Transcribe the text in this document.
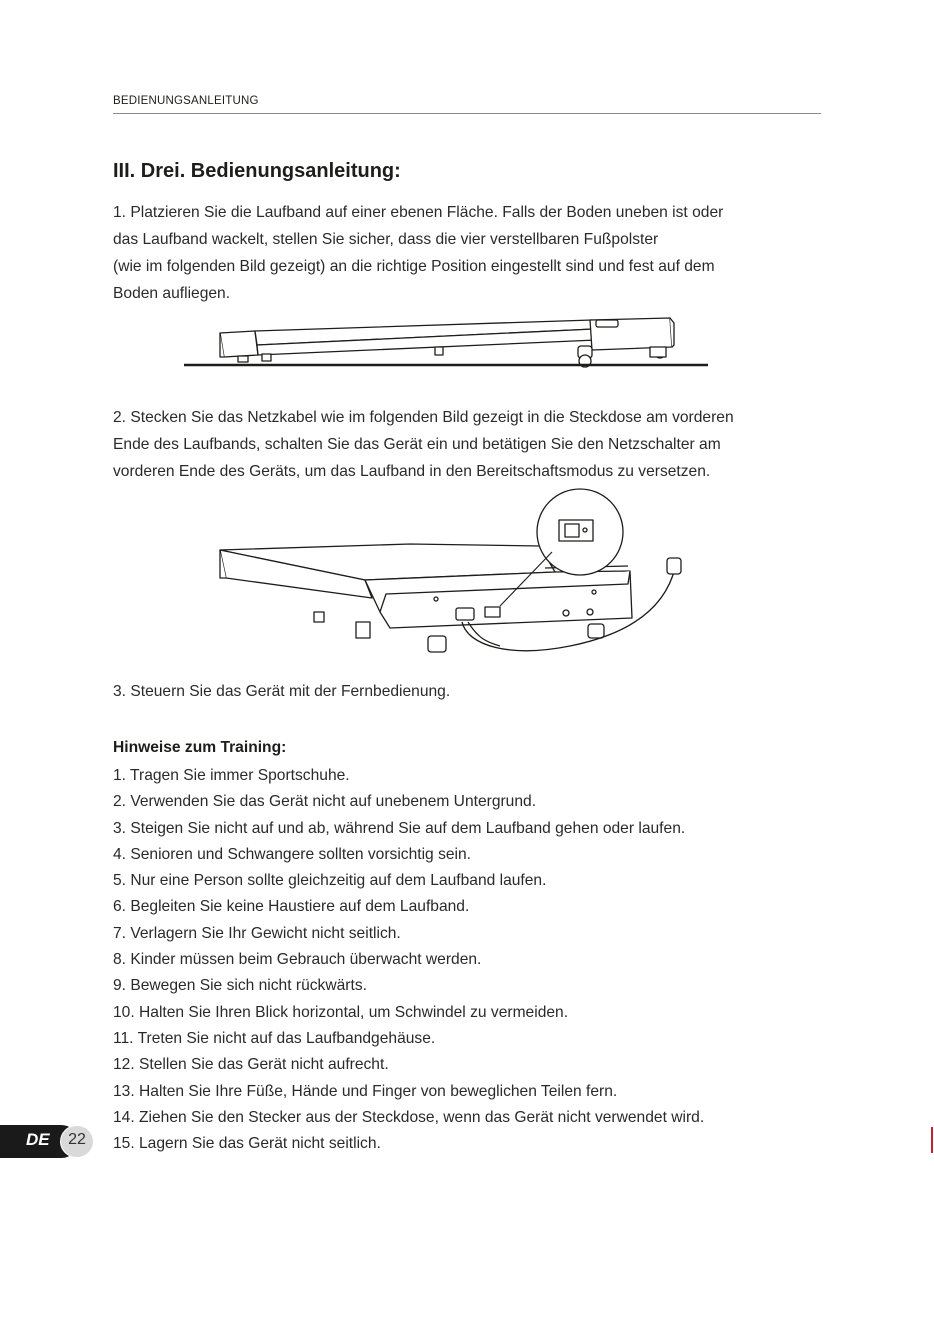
BEDIENUNGSANLEITUNG
III. Drei. Bedienungsanleitung:

1. Platzieren Sie die Laufband auf einer ebenen Fläche. Falls der Boden uneben ist oder
das Laufband wackelt, stellen Sie sicher, dass die vier verstellbaren Fußpolster
(wie im folgenden Bild gezeigt) an die richtige Position eingestellt sind und fest auf dem
Boden aufliegen.

2. Stecken Sie das Netzkabel wie im folgenden Bild gezeigt in die Steckdose am vorderen
Ende des Laufbands, schalten Sie das Gerät ein und betätigen Sie den Netzschalter am
vorderen Ende des Geräts, um das Laufband in den Bereitschaftsmodus zu versetzen.

3. Steuern Sie das Gerät mit der Fernbedienung.

Hinweise zum Training:
1. Tragen Sie immer Sportschuhe.
2. Verwenden Sie das Gerät nicht auf unebenem Untergrund.
3. Steigen Sie nicht auf und ab, während Sie auf dem Laufband gehen oder laufen.
4. Senioren und Schwangere sollten vorsichtig sein.
5. Nur eine Person sollte gleichzeitig auf dem Laufband laufen.
6. Begleiten Sie keine Haustiere auf dem Laufband.
7. Verlagern Sie Ihr Gewicht nicht seitlich.
8. Kinder müssen beim Gebrauch überwacht werden.
9. Bewegen Sie sich nicht rückwärts.
10. Halten Sie Ihren Blick horizontal, um Schwindel zu vermeiden.
11. Treten Sie nicht auf das Laufbandgehäuse.
12. Stellen Sie das Gerät nicht aufrecht.
13. Halten Sie Ihre Füße, Hände und Finger von beweglichen Teilen fern.
14. Ziehen Sie den Stecker aus der Steckdose, wenn das Gerät nicht verwendet wird.
15. Lagern Sie das Gerät nicht seitlich.
DE	22
